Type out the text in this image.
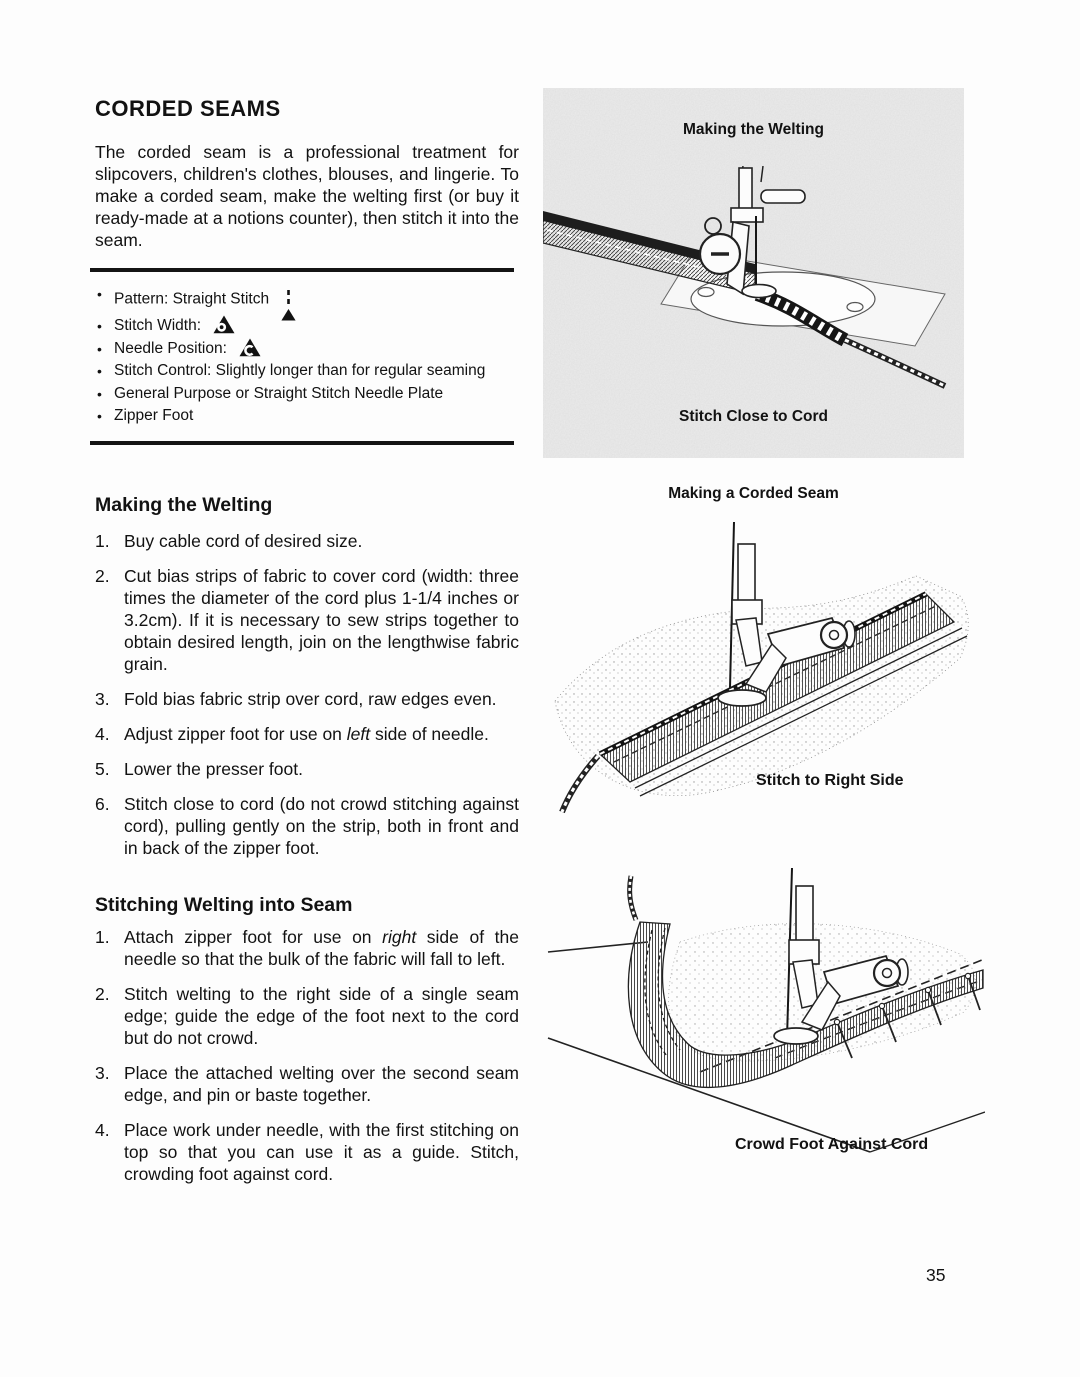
CORDED SEAMS

The corded seam is a professional treatment for slipcovers, children's clothes, blouses, and lingerie. To make a corded seam, make the welting first (or buy it ready-made at a notions counter), then stitch it into the seam.

•
Pattern: Straight Stitch
•
Stitch Width:
•
Needle Position:
•
Stitch Control: Slightly longer than for regular seaming
•
General Purpose or Straight Stitch Needle Plate
•
Zipper Foot
Making the Welting
1. Buy cable cord of desired size.
2. Cut bias strips of fabric to cover cord (width: three times the diameter of the cord plus 1-1/4 inches or 3.2cm). If it is necessary to sew strips together to obtain desired length, join on the lengthwise fabric grain.
3. Fold bias fabric strip over cord, raw edges even.
4. Adjust zipper foot for use on left side of needle.
5. Lower the presser foot.
6. Stitch close to cord (do not crowd stitching against cord), pulling gently on the strip, both in front and in back of the zipper foot.
Stitching Welting into Seam
1. Attach zipper foot for use on right side of the needle so that the bulk of the fabric will fall to left.
2. Stitch welting to the right side of a single seam edge; guide the edge of the foot next to the cord but do not crowd.
3. Place the attached welting over the second seam edge, and pin or baste together.
4. Place work under needle, with the first stitching on top so that you can use it as a guide. Stitch, crowding foot against cord.

Making the Welting

Stitch Close to Cord

Making a Corded Seam

Stitch to Right Side

Crowd Foot Against Cord

35
